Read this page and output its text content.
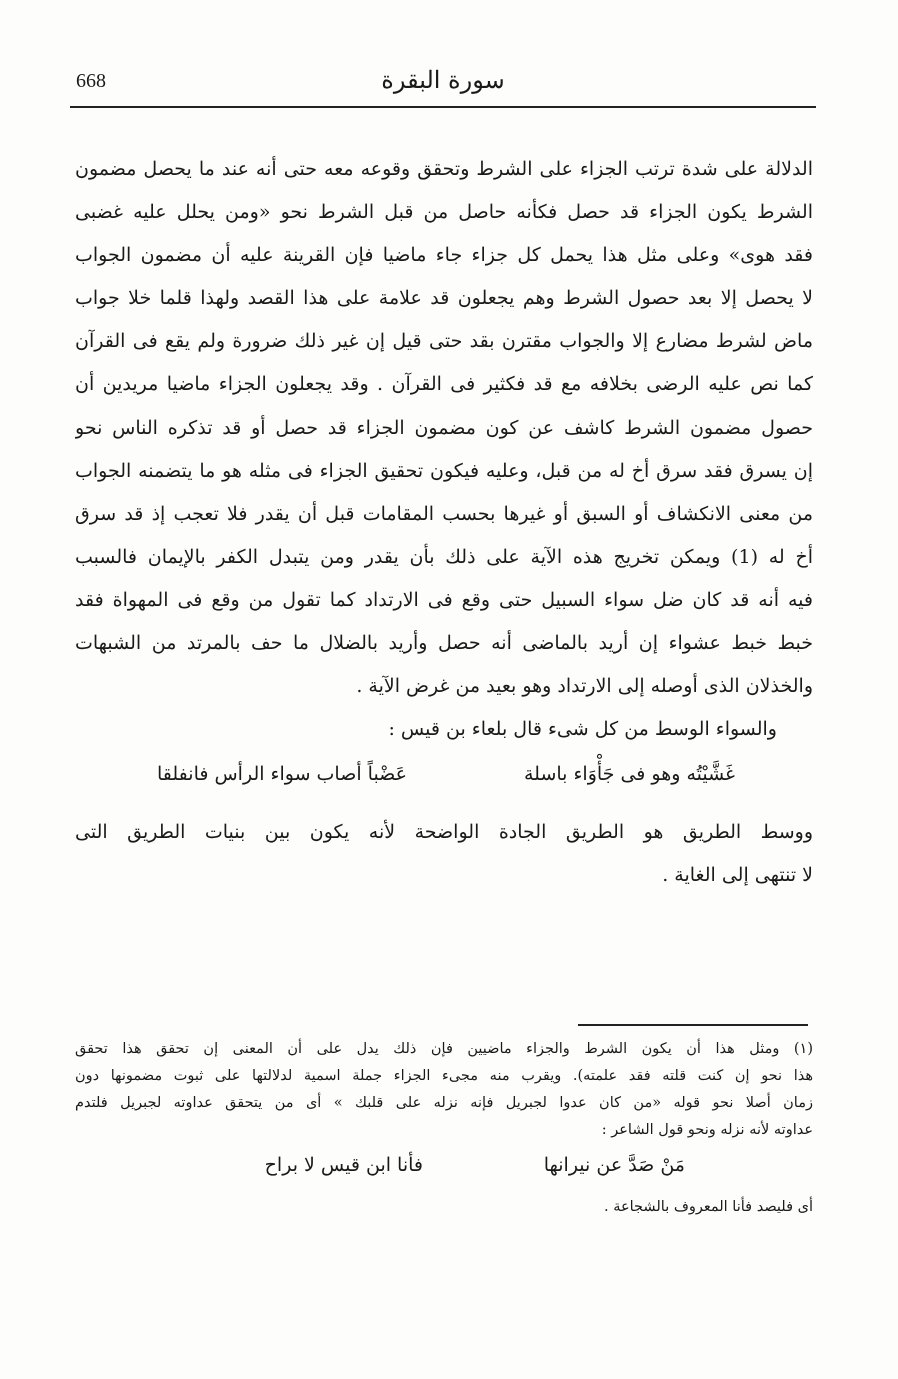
668	سورة البقرة
الدلالة على شدة ترتب الجزاء على الشرط وتحقق وقوعه معه حتى أنه عند ما يحصل مضمون
الشرط يكون الجزاء قد حصل فكأنه حاصل من قبل الشرط نحو «ومن يحلل عليه غضبى
فقد هوى» وعلى مثل هذا يحمل كل جزاء جاء ماضيا فإن القرينة عليه أن مضمون الجواب
لا يحصل إلا بعد حصول الشرط وهم يجعلون قد علامة على هذا القصد ولهذا قلما خلا جواب
ماض لشرط مضارع إلا والجواب مقترن بقد حتى قيل إن غير ذلك ضرورة ولم يقع فى القرآن
كما نص عليه الرضى بخلافه مع قد فكثير فى القرآن . وقد يجعلون الجزاء ماضيا مريدين أن
حصول مضمون الشرط كاشف عن كون مضمون الجزاء قد حصل أو قد تذكره الناس نحو
إن يسرق فقد سرق أخ له من قبل، وعليه فيكون تحقيق الجزاء فى مثله هو ما يتضمنه الجواب
من معنى الانكشاف أو السبق أو غيرها بحسب المقامات قبل أن يقدر فلا تعجب إذ قد سرق
أخ له (1) ويمكن تخريج هذه الآية على ذلك بأن يقدر ومن يتبدل الكفر بالإيمان فالسبب
فيه أنه قد كان ضل سواء السبيل حتى وقع فى الارتداد كما تقول من وقع فى المهواة فقد
خبط خبط عشواء إن أريد بالماضى أنه حصل وأريد بالضلال ما حف بالمرتد من الشبهات
والخذلان الذى أوصله إلى الارتداد وهو بعيد من غرض الآية .
والسواء الوسط من كل شىء قال بلعاء بن قيس :
غَشَّيْتُه وهو فى جَأْوَاء باسلة
عَضْباً أصاب سواء الرأس فانفلقا
ووسط الطريق هو الطريق الجادة الواضحة لأنه يكون بين بنيات الطريق التى
لا تنتهى إلى الغاية .
(١) ومثل هذا أن يكون الشرط والجزاء ماضيين فإن ذلك يدل على أن المعنى إن تحقق هذا تحقق
هذا نحو إن كنت قلته فقد علمته). ويقرب منه مجىء الجزاء جملة اسمية لدلالتها على ثبوت مضمونها دون
زمان أصلا نحو قوله «من كان عدوا لجبريل فإنه نزله على قلبك » أى من يتحقق عداوته لجبريل فلتدم
عداوته لأنه نزله ونحو قول الشاعر :
مَنْ صَدَّ عن نيرانها
فأنا ابن قيس لا براح
أى فليصد فأنا المعروف بالشجاعة .
